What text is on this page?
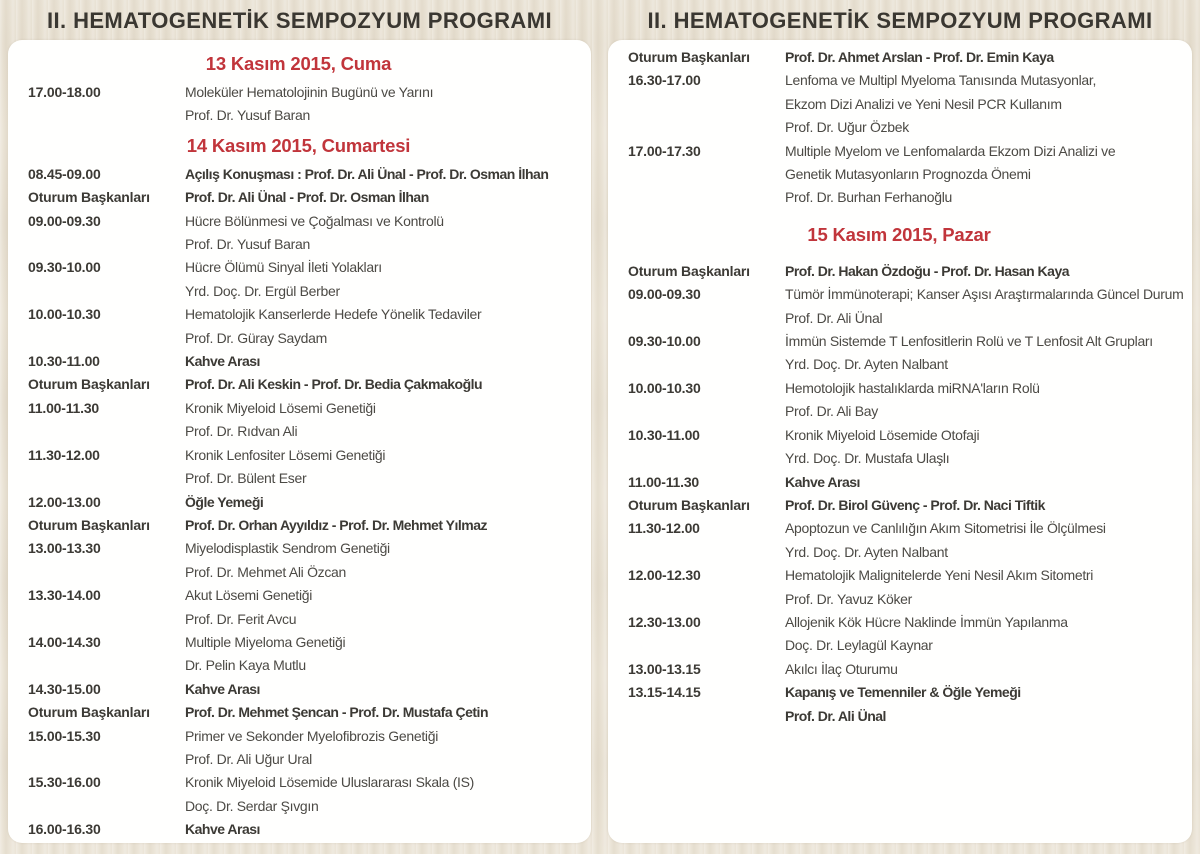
II. HEMATOGENETİK SEMPOZYUM PROGRAMI	II. HEMATOGENETİK SEMPOZYUM PROGRAMI
13 Kasım 2015, Cuma
17.00-18.00	Moleküler Hematolojinin Bugünü ve Yarını
Prof. Dr. Yusuf Baran
14 Kasım 2015, Cumartesi
08.45-09.00	Açılış Konuşması : Prof. Dr. Ali Ünal - Prof. Dr. Osman İlhan
Oturum Başkanları	Prof. Dr. Ali Ünal - Prof. Dr. Osman İlhan
09.00-09.30	Hücre Bölünmesi ve Çoğalması ve Kontrolü
Prof. Dr. Yusuf Baran
09.30-10.00	Hücre Ölümü Sinyal İleti Yolakları
Yrd. Doç. Dr. Ergül Berber
10.00-10.30	Hematolojik Kanserlerde Hedefe Yönelik Tedaviler
Prof. Dr. Güray Saydam
10.30-11.00	Kahve Arası
Oturum Başkanları	Prof. Dr. Ali Keskin - Prof. Dr. Bedia Çakmakoğlu
11.00-11.30	Kronik Miyeloid Lösemi Genetiği
Prof. Dr. Rıdvan Ali
11.30-12.00	Kronik Lenfositer Lösemi Genetiği
Prof. Dr. Bülent Eser
12.00-13.00	Öğle Yemeği
Oturum Başkanları	Prof. Dr. Orhan Ayyıldız - Prof. Dr. Mehmet Yılmaz
13.00-13.30	Miyelodisplastik Sendrom Genetiği
Prof. Dr. Mehmet Ali Özcan
13.30-14.00	Akut Lösemi Genetiği
Prof. Dr. Ferit Avcu
14.00-14.30	Multiple Miyeloma Genetiği
Dr. Pelin Kaya Mutlu
14.30-15.00	Kahve Arası
Oturum Başkanları	Prof. Dr. Mehmet Şencan - Prof. Dr. Mustafa Çetin
15.00-15.30	Primer ve Sekonder Myelofibrozis Genetiği
Prof. Dr. Ali Uğur Ural
15.30-16.00	Kronik Miyeloid Lösemide Uluslararası Skala (IS)
Doç. Dr. Serdar Şıvgın
16.00-16.30	Kahve Arası
Oturum Başkanları	Prof. Dr. Ahmet Arslan - Prof. Dr. Emin Kaya
16.30-17.00	Lenfoma ve Multipl Myeloma Tanısında Mutasyonlar,
Ekzom Dizi Analizi ve Yeni Nesil PCR Kullanım
Prof. Dr. Uğur Özbek
17.00-17.30	Multiple Myelom ve Lenfomalarda Ekzom Dizi Analizi ve
Genetik Mutasyonların Prognozda Önemi
Prof. Dr. Burhan Ferhanoğlu
15 Kasım 2015, Pazar
Oturum Başkanları	Prof. Dr. Hakan Özdoğu - Prof. Dr. Hasan Kaya
09.00-09.30	Tümör İmmünoterapi; Kanser Aşısı Araştırmalarında Güncel Durum
Prof. Dr. Ali Ünal
09.30-10.00	İmmün Sistemde T Lenfositlerin Rolü ve T Lenfosit Alt Grupları
Yrd. Doç. Dr. Ayten Nalbant
10.00-10.30	Hemotolojik hastalıklarda miRNA'ların Rolü
Prof. Dr. Ali Bay
10.30-11.00	Kronik Miyeloid Lösemide Otofaji
Yrd. Doç. Dr. Mustafa Ulaşlı
11.00-11.30	Kahve Arası
Oturum Başkanları	Prof. Dr. Birol Güvenç - Prof. Dr. Naci Tiftik
11.30-12.00	Apoptozun ve Canlılığın Akım Sitometrisi İle Ölçülmesi
Yrd. Doç. Dr. Ayten Nalbant
12.00-12.30	Hematolojik Malignitelerde Yeni Nesil Akım Sitometri
Prof. Dr. Yavuz Köker
12.30-13.00	Allojenik Kök Hücre Naklinde İmmün Yapılanma
Doç. Dr. Leylagül Kaynar
13.00-13.15	Akılcı İlaç Oturumu
13.15-14.15	Kapanış ve Temenniler & Öğle Yemeği
Prof. Dr. Ali Ünal
